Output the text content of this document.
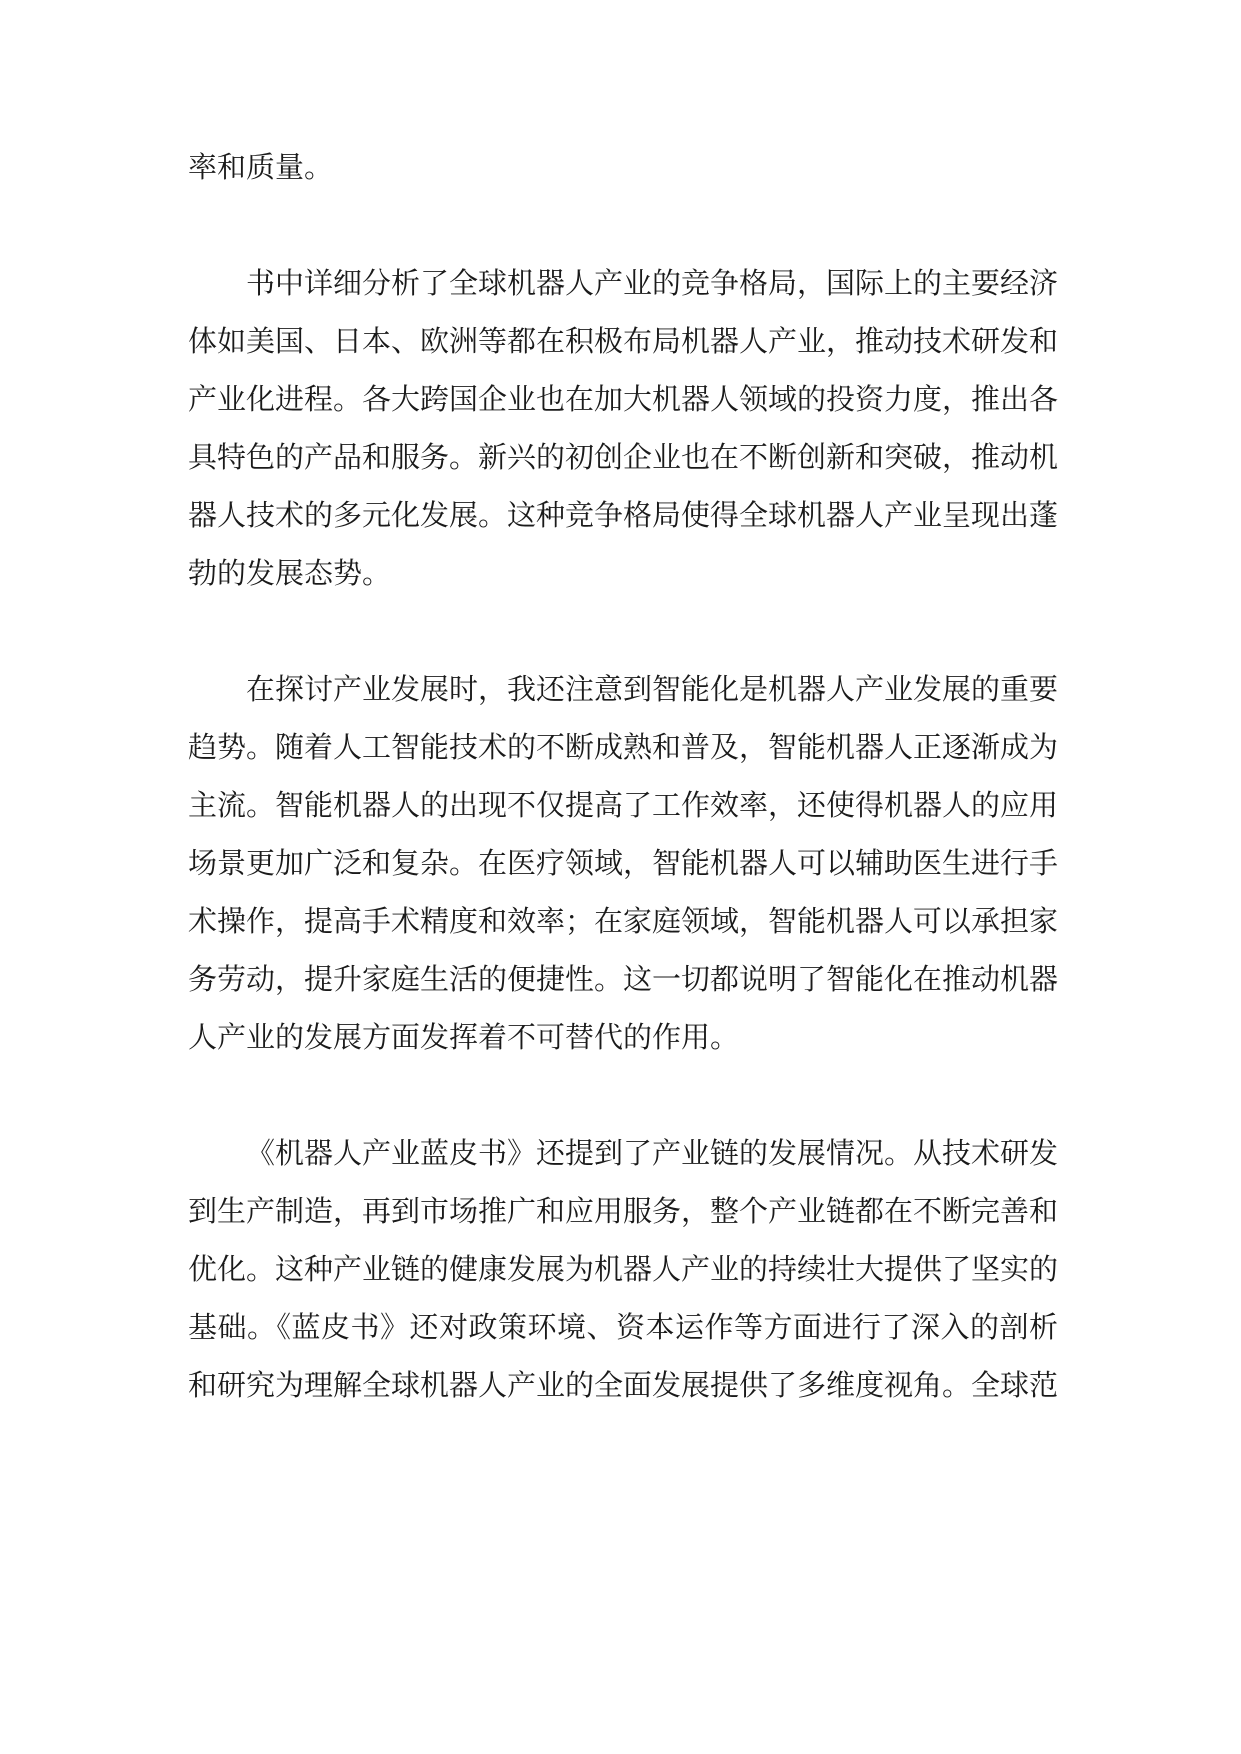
率和质量。
书中详细分析了全球机器人产业的竞争格局，国际上的主要经济
体如美国、日本、欧洲等都在积极布局机器人产业，推动技术研发和
产业化进程。各大跨国企业也在加大机器人领域的投资力度，推出各
具特色的产品和服务。新兴的初创企业也在不断创新和突破，推动机
器人技术的多元化发展。这种竞争格局使得全球机器人产业呈现出蓬
勃的发展态势。
在探讨产业发展时，我还注意到智能化是机器人产业发展的重要
趋势。随着人工智能技术的不断成熟和普及，智能机器人正逐渐成为
主流。智能机器人的出现不仅提高了工作效率，还使得机器人的应用
场景更加广泛和复杂。在医疗领域，智能机器人可以辅助医生进行手
术操作，提高手术精度和效率；在家庭领域，智能机器人可以承担家
务劳动，提升家庭生活的便捷性。这一切都说明了智能化在推动机器
人产业的发展方面发挥着不可替代的作用。
《机器人产业蓝皮书》还提到了产业链的发展情况。从技术研发
到生产制造，再到市场推广和应用服务，整个产业链都在不断完善和
优化。这种产业链的健康发展为机器人产业的持续壮大提供了坚实的
基础。《蓝皮书》还对政策环境、资本运作等方面进行了深入的剖析
和研究为理解全球机器人产业的全面发展提供了多维度视角。全球范
